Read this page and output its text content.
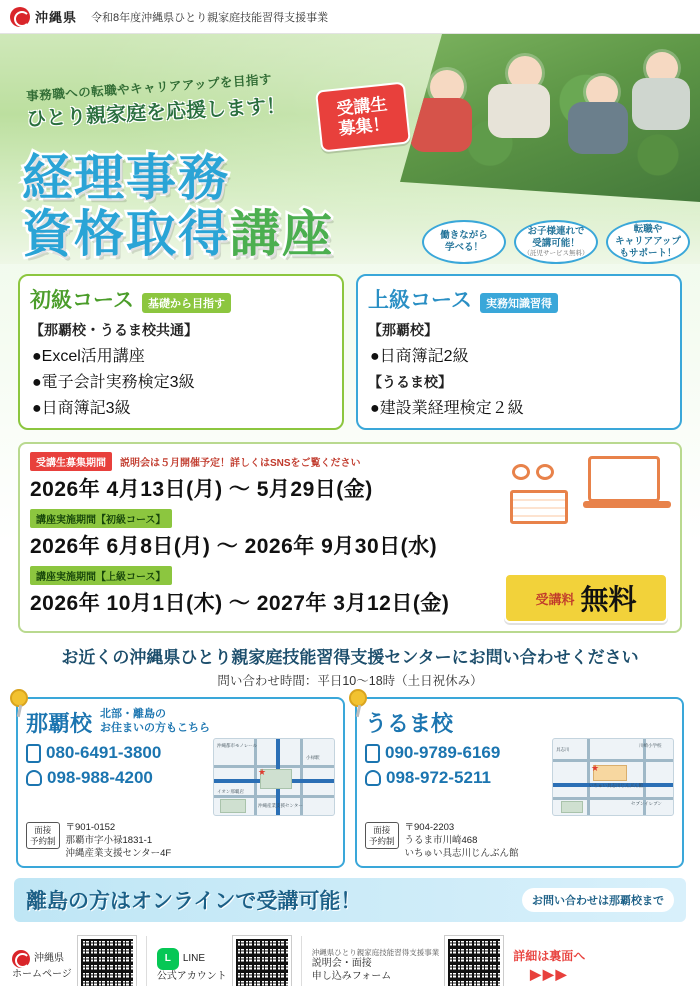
沖縄県 令和8年度沖縄県ひとり親家庭技能習得支援事業
事務職への転職やキャリアアップを目指す
ひとり親家庭を応援します！
経理事務
資格取得講座
受講生
募集！
働きながら
学べる！
お子様連れで
受講可能！
（託児サービス無料）
転職や
キャリアアップ
もサポート！
初級コース	基礎から目指す
【那覇校・うるま校共通】
●Excel活用講座
●電子会計実務検定3級
●日商簿記3級
上級コース	実務知識習得
【那覇校】
●日商簿記2級
【うるま校】
●建設業経理検定２級
受講生募集期間	説明会は５月開催予定！詳しくはSNSをご覧ください
2026年 4月13日(月) ～ 5月29日(金)
講座実施期間【初級コース】
2026年 6月8日(月) ～ 2026年 9月30日(水)
講座実施期間【上級コース】
2026年 10月1日(木) ～ 2027年 3月12日(金)	受講料 無料
お近くの沖縄県ひとり親家庭技能習得支援センターにお問い合わせください
問い合わせ時間：平日10～18時（土日祝休み）
那覇校 北部・離島の
お住まいの方もこちら
080-6491-3800
098-988-4200	★
沖縄都市モノレール
小禄駅
イオン那覇店
沖縄産業支援センター
面接
予約制
〒901-0152
那覇市字小禄1831-1
沖縄産業支援センター4F
うるま校
090-9789-6169
098-972-5211	★
川崎小学校
具志川
いちゅい具志川じんぶん館
セブンイレブン
面接
予約制
〒904-2203
うるま市川崎468
いちゅい具志川じんぶん館
離島の方はオンラインで受講可能！	お問い合わせは那覇校まで
沖縄県
ホームページ
L	LINE
公式アカウント
沖縄県ひとり親家庭技能習得支援事業
説明会・面接
申し込みフォーム
詳細は裏面へ
▶▶▶
